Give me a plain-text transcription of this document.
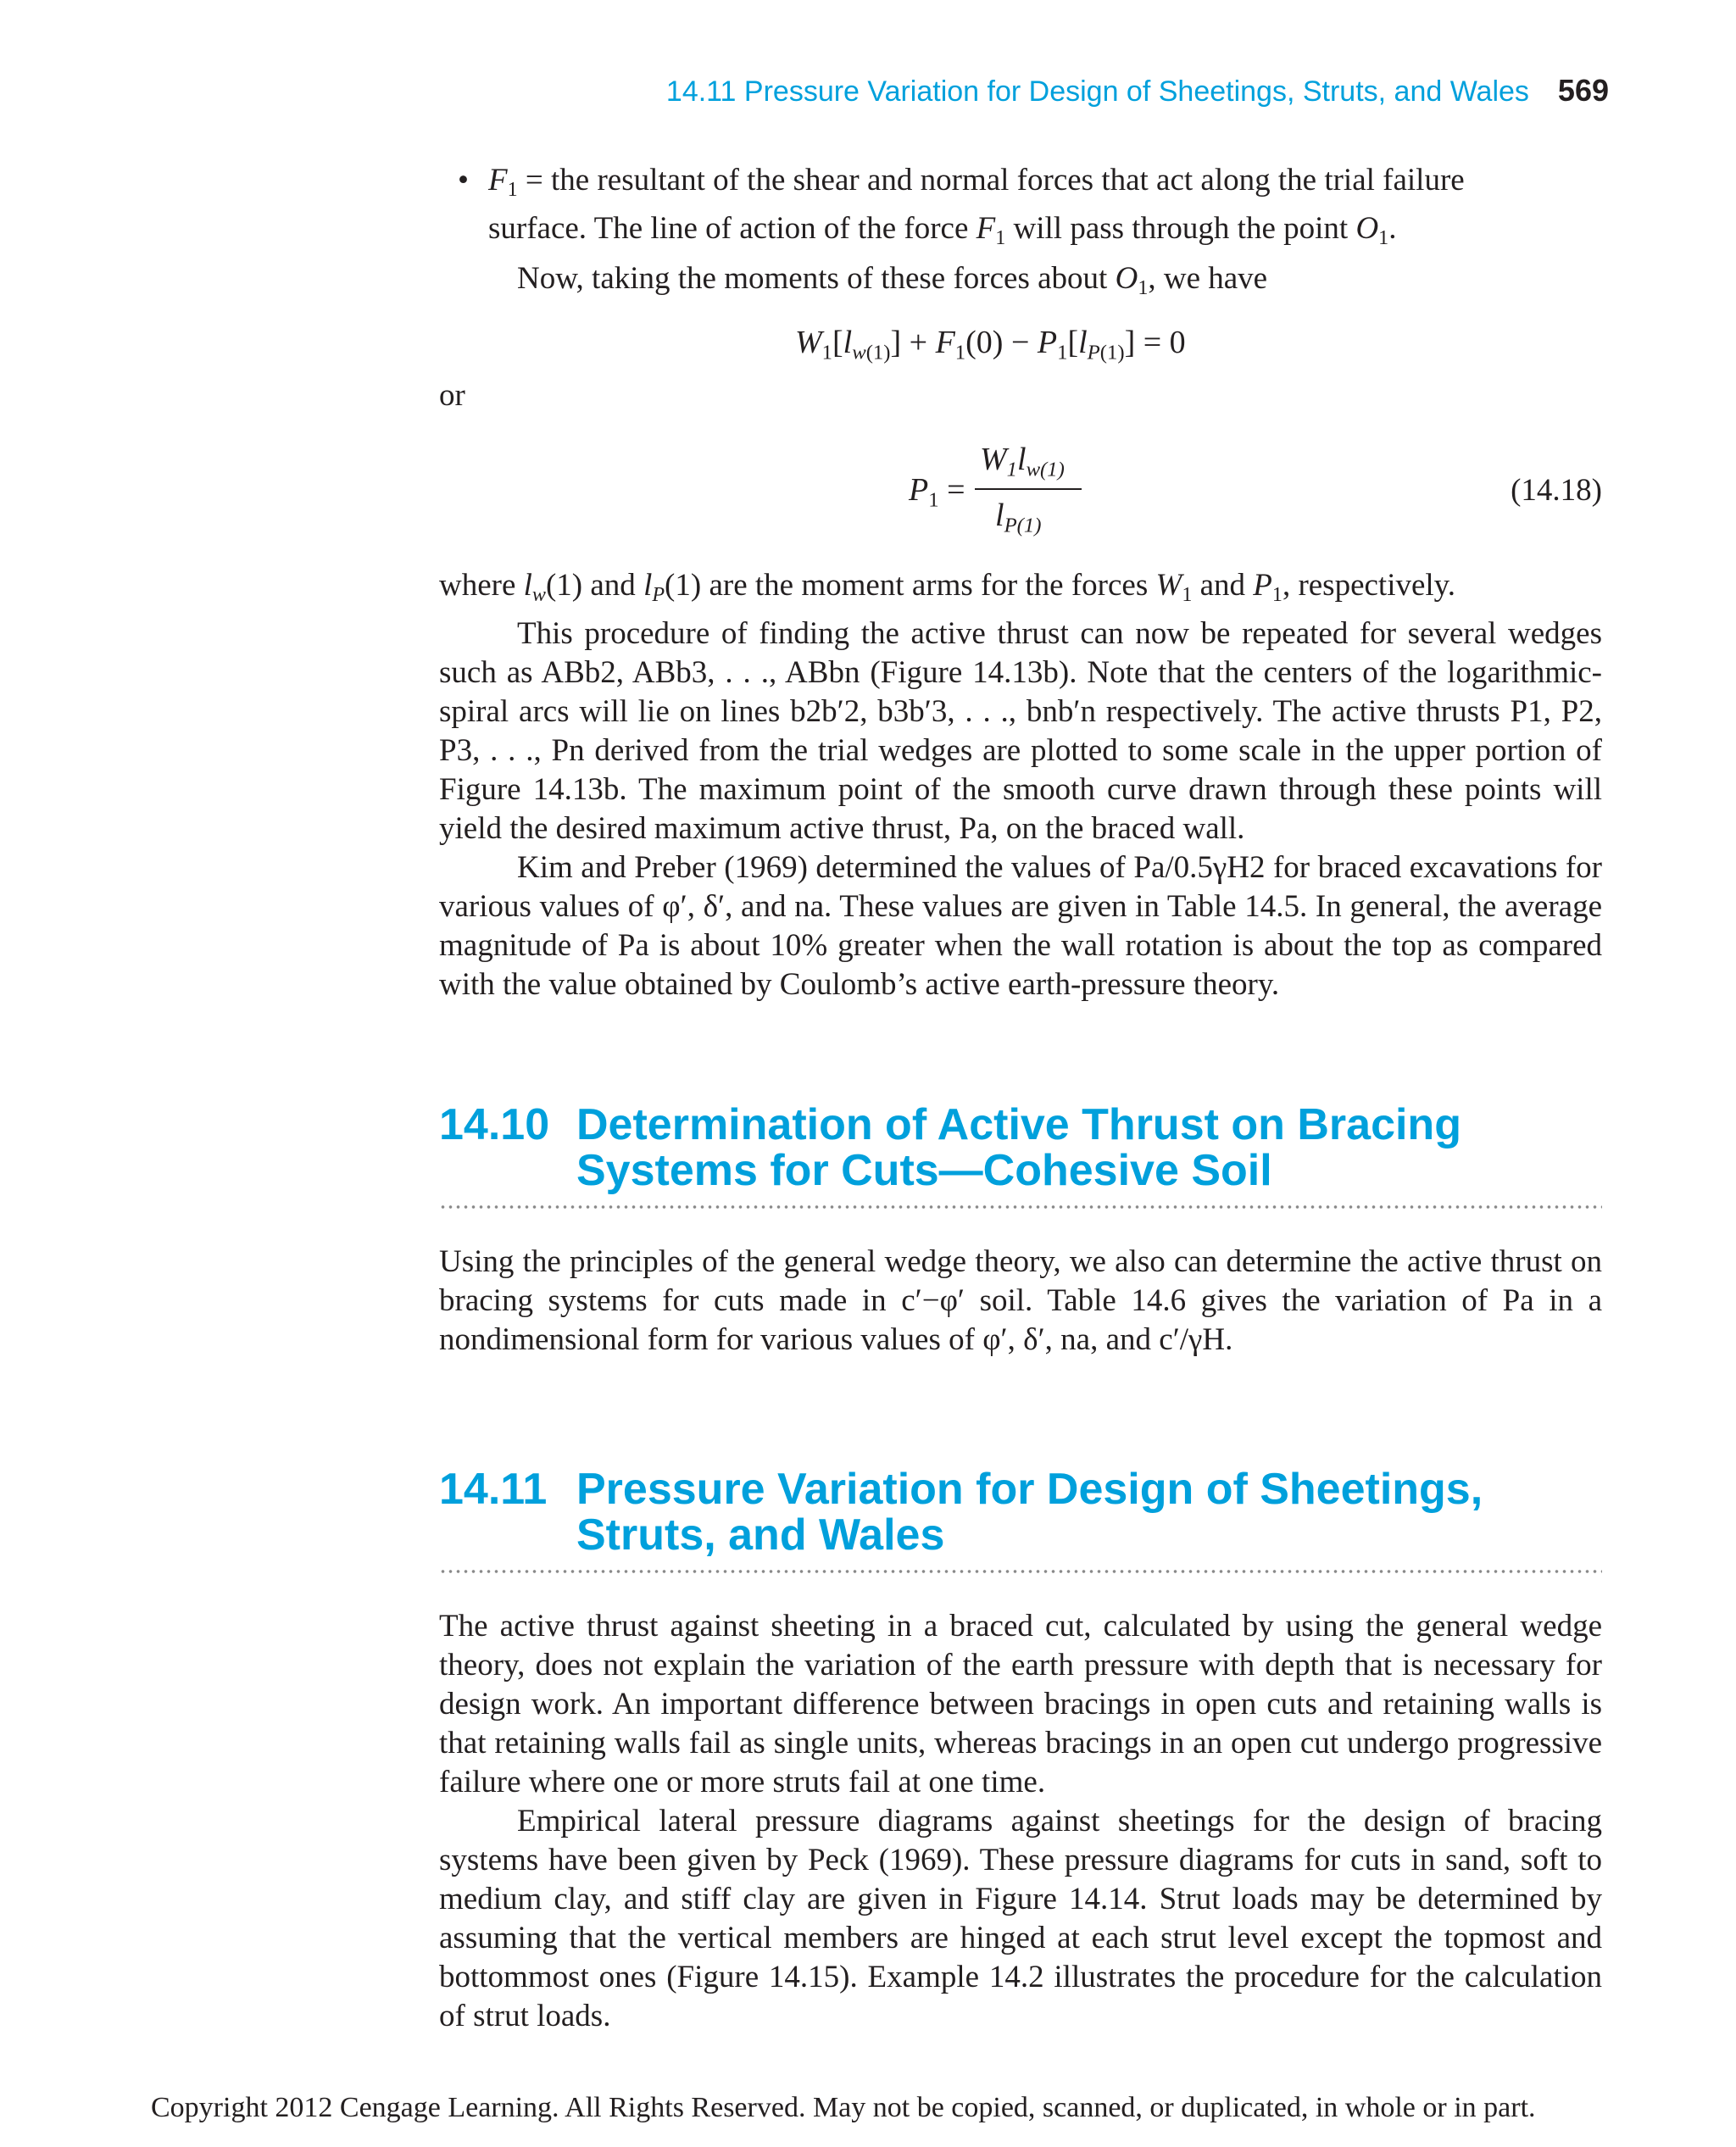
14.11 Pressure Variation for Design of Sheetings, Struts, and Wales 569
• $F_1$ = the resultant of the shear and normal forces that act along the trial failure
surface. The line of action of the force $F_1$ will pass through the point $O_1$.
Now, taking the moments of these forces about $O_1$, we have
$W_1[l_{w(1)}] + F_1(0) - P_1[l_{P(1)}] = 0$
or
$P_1$ =
$W_1l_{w(1)}$
$l_{P(1)}$
(14.18)

where $l_w(1)$ and $l_P(1)$ are the moment arms for the forces $W_1$ and $P_1$, respectively.

This procedure of finding the active thrust can now be repeated for several wedges such as ABb2, ABb3, . . ., ABbn (Figure 14.13b). Note that the centers of the logarithmic-spiral arcs will lie on lines b2b′2, b3b′3, . . ., bnb′n respectively. The active thrusts P1, P2, P3, . . ., Pn derived from the trial wedges are plotted to some scale in the upper portion of Figure 14.13b. The maximum point of the smooth curve drawn through these points will yield the desired maximum active thrust, Pa, on the braced wall.

Kim and Preber (1969) determined the values of Pa/0.5γH2 for braced excavations for various values of φ′, δ′, and na. These values are given in Table 14.5. In general, the average magnitude of Pa is about 10% greater when the wall rotation is about the top as compared with the value obtained by Coulomb’s active earth-pressure theory.

14.10 Determination of Active Thrust on Bracing
Systems for Cuts—Cohesive Soil

Using the principles of the general wedge theory, we also can determine the active thrust on bracing systems for cuts made in c′−φ′ soil. Table 14.6 gives the variation of Pa in a nondimensional form for various values of φ′, δ′, na, and c′/γH.

14.11 Pressure Variation for Design of Sheetings,
Struts, and Wales

The active thrust against sheeting in a braced cut, calculated by using the general wedge theory, does not explain the variation of the earth pressure with depth that is necessary for design work. An important difference between bracings in open cuts and retaining walls is that retaining walls fail as single units, whereas bracings in an open cut undergo progressive failure where one or more struts fail at one time.

Empirical lateral pressure diagrams against sheetings for the design of bracing systems have been given by Peck (1969). These pressure diagrams for cuts in sand, soft to medium clay, and stiff clay are given in Figure 14.14. Strut loads may be determined by assuming that the vertical members are hinged at each strut level except the topmost and bottommost ones (Figure 14.15). Example 14.2 illustrates the procedure for the calculation of strut loads.

Copyright 2012 Cengage Learning. All Rights Reserved. May not be copied, scanned, or duplicated, in whole or in part.
